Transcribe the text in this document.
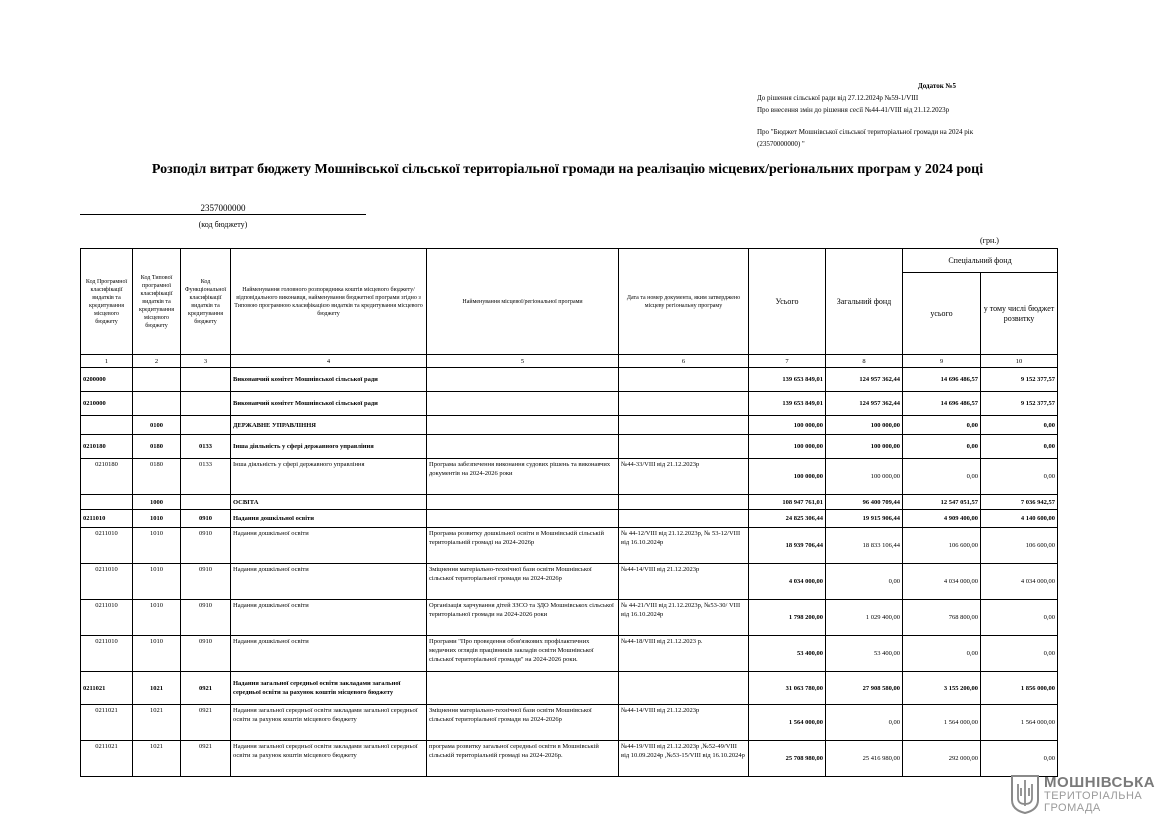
Додаток №5
До рішення сільської ради від 27.12.2024р №59-1/VIII
Про внесення змін до рішення сесії №44-41/VIII від 21.12.2023р
Про "Бюджет Мошнівської сільської територіальної громади на 2024 рік
(23570000000) "
Розподіл витрат бюджету Мошнівської сільської територіальної громади на реалізацію місцевих/регіональних програм у 2024 році
2357000000
(код бюджету)
(грн.)
Код Програмної класифікації видатків та кредитування місцевого бюджету	Код Типової програмної класифікації видатків та кредитування місцевого бюджету	Код Функціональної класифікації видатків та кредитування бюджету	Найменування головного розпорядника коштів місцевого бюджету/ відповідального виконавця, найменування бюджетної програми згідно з Типовою програмною класифікацією видатків та кредитування місцевого бюджету	Найменування місцевої/регіональної програми	Дата та номер документа, яким затверджено місцеву регіональну програму	Усього	Загальний фонд	Спеціальний фонд	
								усього	у тому числі бюджет розвитку
1	2	3	4	5	6	7	8	9	10
0200000			Виконавчий комітет Мошнівської сільської ради			139 653 849,01	124 957 362,44	14 696 486,57	9 152 377,57
0210000			Виконавчий комітет Мошнівської сільської ради			139 653 849,01	124 957 362,44	14 696 486,57	9 152 377,57
	0100		ДЕРЖАВНЕ УПРАВЛІННЯ			100 000,00	100 000,00	0,00	0,00
0210180	0180	0133	Інша діяльність у сфері державного управління			100 000,00	100 000,00	0,00	0,00
0210180	0180	0133	Інша діяльність у сфері державного управління	Програма забезпечення виконання судових рішень та виконавчих документів на 2024-2026 роки	№44-33/VIII від 21.12.2023р	100 000,00	100 000,00	0,00	0,00
	1000		ОСВІТА			108 947 761,01	96 400 709,44	12 547 051,57	7 036 942,57
0211010	1010	0910	Надання дошкільної освіти			24 825 306,44	19 915 906,44	4 909 400,00	4 140 600,00
0211010	1010	0910	Надання дошкільної освіти	Програма розвитку дошкільної освіти в Мошнівській сільській територіальній громаді на 2024-2026р	№ 44-12/VIII від 21.12.2023р, № 53-12/VIII від 16.10.2024р	18 939 706,44	18 833 106,44	106 600,00	106 600,00
0211010	1010	0910	Надання дошкільної освіти	Зміцнення матеріально-технічної бази освіти Мошнівської сільської територіальної громади на 2024-2026р	№44-14/VIII від 21.12.2023р	4 034 000,00	0,00	4 034 000,00	4 034 000,00
0211010	1010	0910	Надання дошкільної освіти	Організація харчування дітей ЗЗСО та ЗДО Мошнівськох сільської територіальної громади на 2024-2026 роки	№ 44-21/VIII від 21.12.2023р, №53-30/ VIII від 16.10.2024р	1 798 200,00	1 029 400,00	768 800,00	0,00
0211010	1010	0910	Надання дошкільної освіти	Програми "Про проведення обов'язкових профілактичних медичних оглядів працівників закладів освіти Мошнівської сільської територіальної громади" на 2024-2026 роки.	№44-18/VIII від 21.12.2023 р.	53 400,00	53 400,00	0,00	0,00
0211021	1021	0921	Надання загальної середньої освіти закладами загальної середньої освіти за рахунок коштів місцевого бюджету			31 063 780,00	27 908 580,00	3 155 200,00	1 856 000,00
0211021	1021	0921	Надання загальної середньої освіти закладами загальної середньої освіти за рахунок коштів місцевого бюджету	Зміцнення матеріально-технічної бази освіти Мошнівської сільської територіальної громади на 2024-2026р	№44-14/VIII від 21.12.2023р	1 564 000,00	0,00	1 564 000,00	1 564 000,00
0211021	1021	0921	Надання загальної середньої освіти закладами загальної середньої освіти за рахунок коштів місцевого бюджету	програма розвитку загальної середньої освіти в Мошнівській сільській територіальній громаді на 2024-2026р.	№44-19/VIII від 21.12.2023р ,№52-49/VIII від 10.09.2024р ,№53-15/VIII від 16.10.2024р	25 708 980,00	25 416 980,00	292 000,00	0,00
МОШНІВСЬКА
ТЕРИТОРІАЛЬНА
ГРОМАДА
